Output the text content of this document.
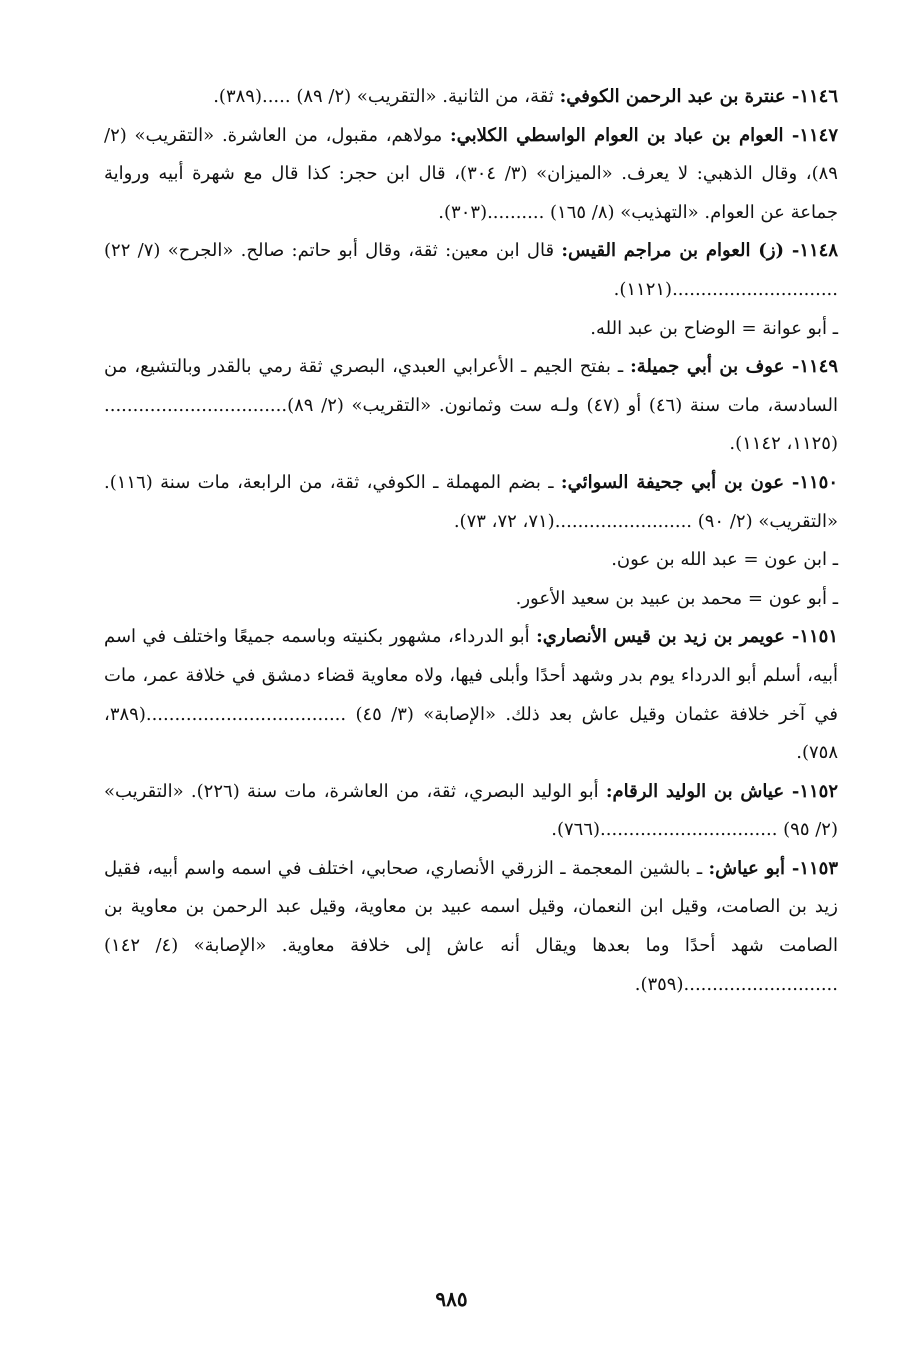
١١٤٦- عنترة بن عبد الرحمن الكوفي: ثقة، من الثانية. «التقريب» (٢/ ٨٩) .....(٣٨٩).

١١٤٧- العوام بن عباد بن العوام الواسطي الكلابي: مولاهم، مقبول، من العاشرة. «التقريب» (٢/ ٨٩)، وقال الذهبي: لا يعرف. «الميزان» (٣/ ٣٠٤)، قال ابن حجر: كذا قال مع شهرة أبيه ورواية جماعة عن العوام. «التهذيب» (٨/ ١٦٥) ..........(٣٠٣).

١١٤٨- (ز) العوام بن مراجم القيس: قال ابن معين: ثقة، وقال أبو حاتم: صالح. «الجرح» (٧/ ٢٢) .............................(١١٢١).

ـ أبو عوانة = الوضاح بن عبد الله.

١١٤٩- عوف بن أبي جميلة: ـ بفتح الجيم ـ الأعرابي العبدي، البصري ثقة رمي بالقدر وبالتشيع، من السادسة، مات سنة (٤٦) أو (٤٧) ولـه ست وثمانون. «التقريب» (٢/ ٨٩)................................(١١٢٥، ١١٤٢).

١١٥٠- عون بن أبي جحيفة السوائي: ـ بضم المهملة ـ الكوفي، ثقة، من الرابعة، مات سنة (١١٦). «التقريب» (٢/ ٩٠) ........................(٧١، ٧٢، ٧٣).

ـ ابن عون = عبد الله بن عون.

ـ أبو عون = محمد بن عبيد بن سعيد الأعور.

١١٥١- عويمر بن زيد بن قيس الأنصاري: أبو الدرداء، مشهور بكنيته وباسمه جميعًا واختلف في اسم أبيه، أسلم أبو الدرداء يوم بدر وشهد أحدًا وأبلى فيها، ولاه معاوية قضاء دمشق في خلافة عمر، مات في آخر خلافة عثمان وقيل عاش بعد ذلك. «الإصابة» (٣/ ٤٥) ...................................(٣٨٩، ٧٥٨).

١١٥٢- عياش بن الوليد الرقام: أبو الوليد البصري، ثقة، من العاشرة، مات سنة (٢٢٦). «التقريب» (٢/ ٩٥) ...............................(٧٦٦).

١١٥٣- أبو عياش: ـ بالشين المعجمة ـ الزرقي الأنصاري، صحابي، اختلف في اسمه واسم أبيه، فقيل زيد بن الصامت، وقيل ابن النعمان، وقيل اسمه عبيد بن معاوية، وقيل عبد الرحمن بن معاوية بن الصامت شهد أحدًا وما بعدها ويقال أنه عاش إلى خلافة معاوية. «الإصابة» (٤/ ١٤٢) ...........................(٣٥٩).

٩٨٥
